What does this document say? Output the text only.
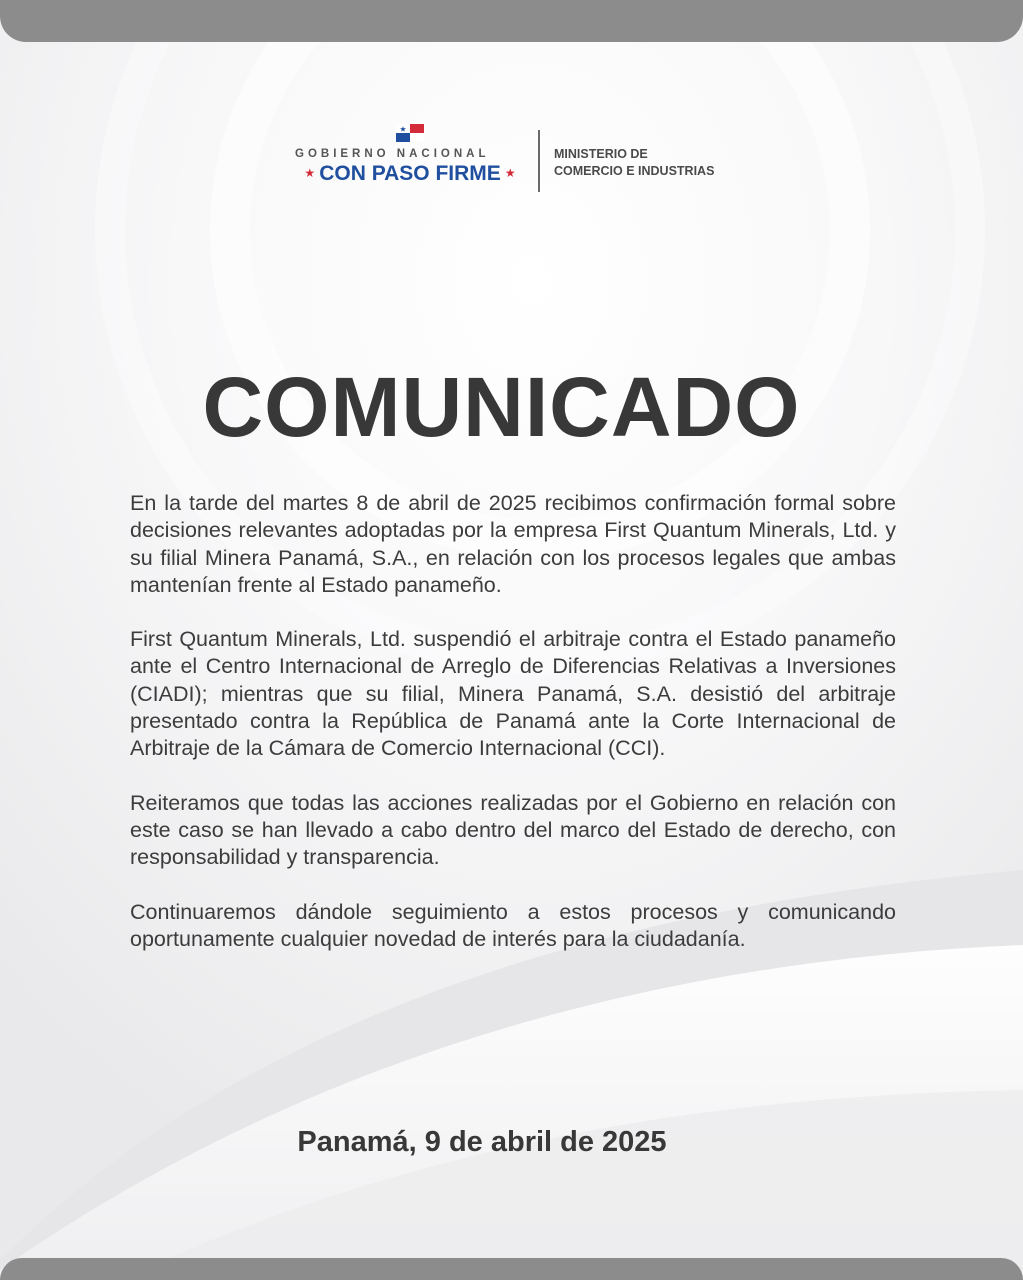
GOBIERNO NACIONAL
★ CON PASO FIRME ★
MINISTERIO DE
COMERCIO E INDUSTRIAS
COMUNICADO

En la tarde del martes 8 de abril de 2025 recibimos confirmación formal sobre decisiones relevantes adoptadas por la empresa First Quantum Minerals, Ltd. y su filial Minera Panamá, S.A., en relación con los procesos legales que ambas mantenían frente al Estado panameño.

First Quantum Minerals, Ltd. suspendió el arbitraje contra el Estado panameño ante el Centro Internacional de Arreglo de Diferencias Relativas a Inversiones (CIADI); mientras que su filial, Minera Panamá, S.A. desistió del arbitraje presentado contra la República de Panamá ante la Corte Internacional de Arbitraje de la Cámara de Comercio Internacional (CCI).

Reiteramos que todas las acciones realizadas por el Gobierno en relación con este caso se han llevado a cabo dentro del marco del Estado de derecho, con responsabilidad y transparencia.

Continuaremos dándole seguimiento a estos procesos y comunicando oportunamente cualquier novedad de interés para la ciudadanía.

Panamá, 9 de abril de 2025
